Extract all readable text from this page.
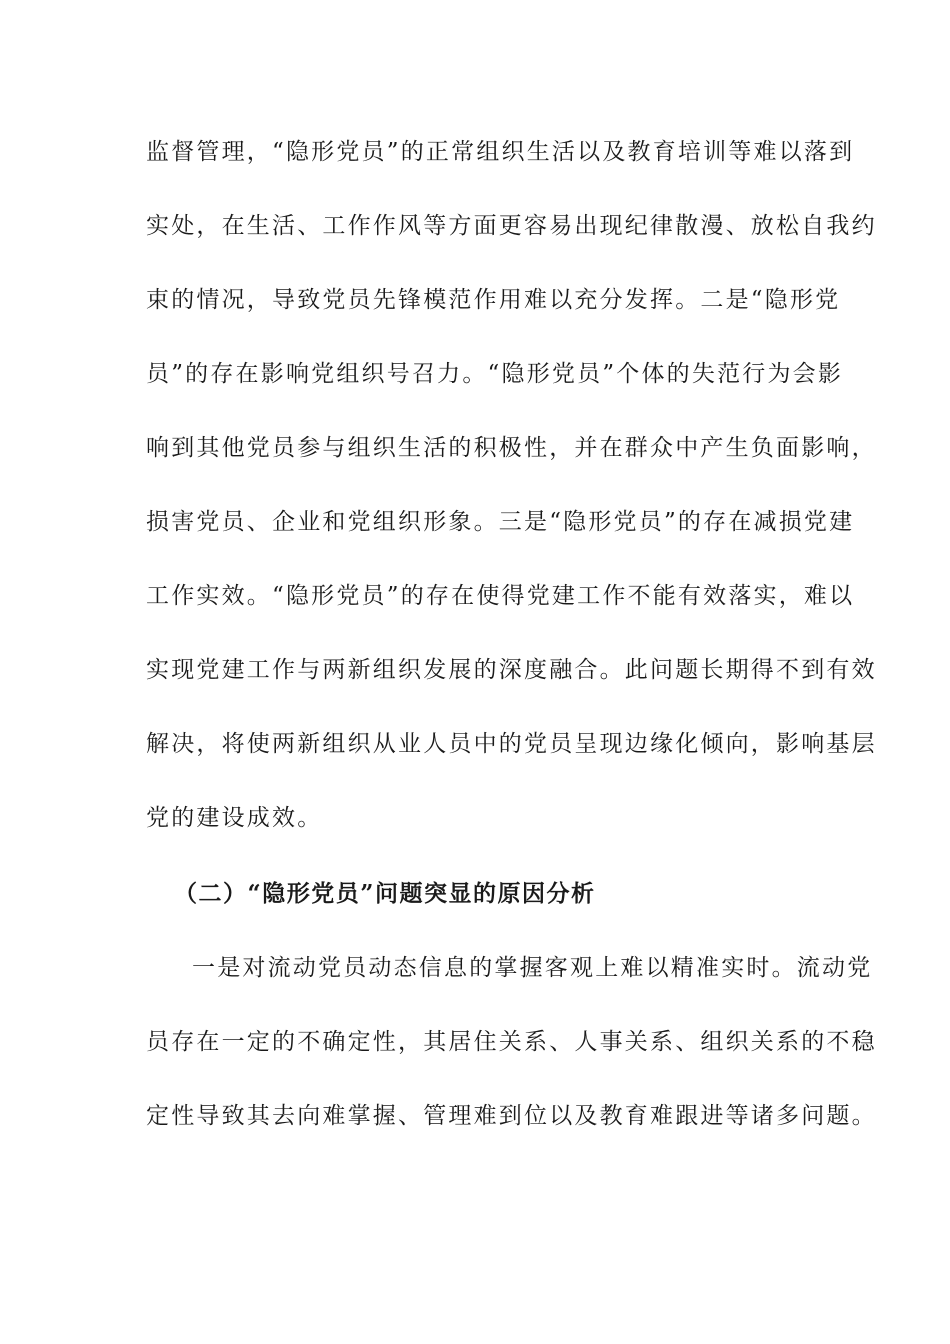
监督管理，“隐形党员”的正常组织生活以及教育培训等难以落到
实处，在生活、工作作风等方面更容易出现纪律散漫、放松自我约
束的情况，导致党员先锋模范作用难以充分发挥。二是“隐形党
员”的存在影响党组织号召力。“隐形党员”个体的失范行为会影
响到其他党员参与组织生活的积极性，并在群众中产生负面影响，
损害党员、企业和党组织形象。三是“隐形党员”的存在减损党建
工作实效。“隐形党员”的存在使得党建工作不能有效落实，难以
实现党建工作与两新组织发展的深度融合。此问题长期得不到有效
解决，将使两新组织从业人员中的党员呈现边缘化倾向，影响基层
党的建设成效。
（二）“隐形党员”问题突显的原因分析
一是对流动党员动态信息的掌握客观上难以精准实时。流动党
员存在一定的不确定性，其居住关系、人事关系、组织关系的不稳
定性导致其去向难掌握、管理难到位以及教育难跟进等诸多问题。
